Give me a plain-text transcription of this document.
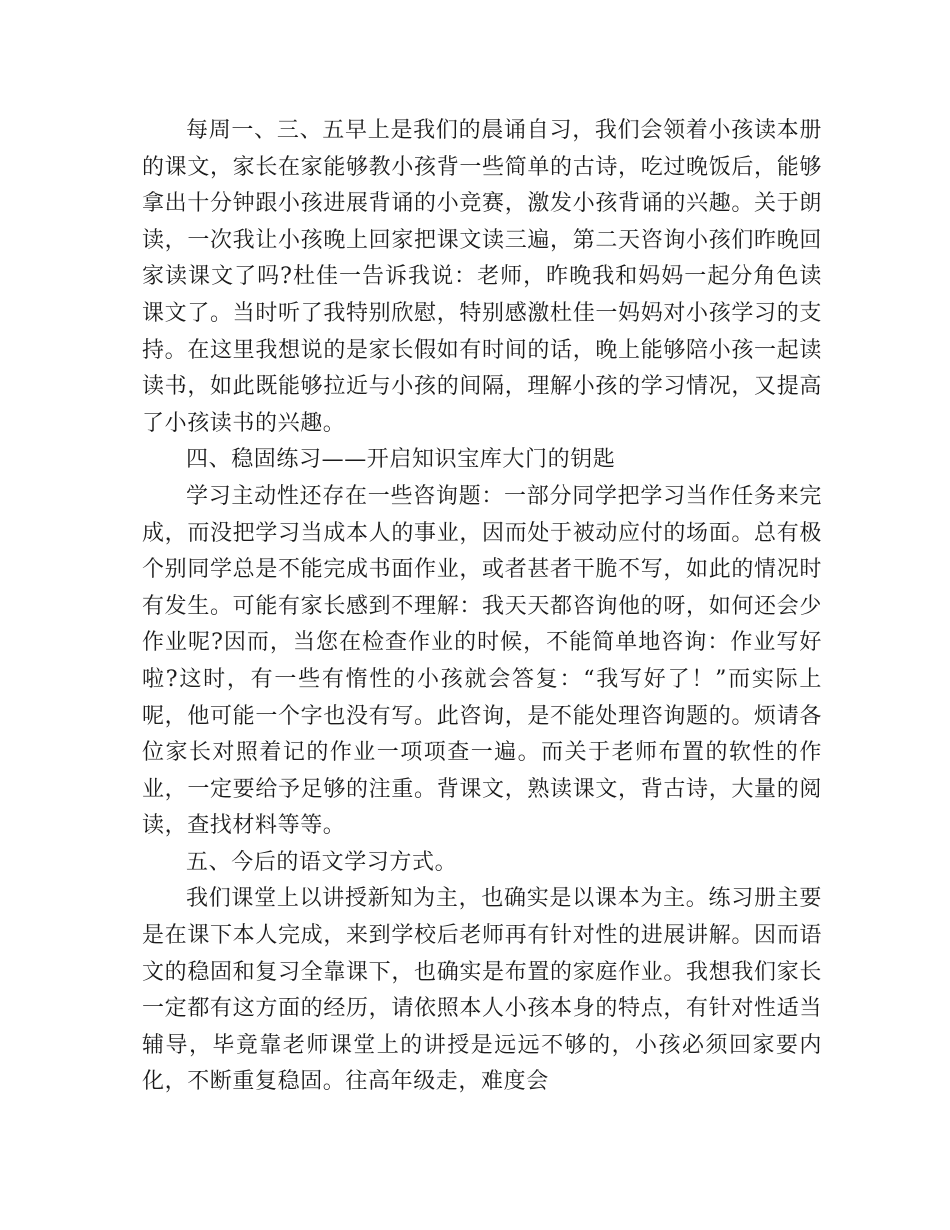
每周一、三、五早上是我们的晨诵自习，我们会领着小孩读本册的课文，家长在家能够教小孩背一些简单的古诗，吃过晚饭后，能够拿出十分钟跟小孩进展背诵的小竞赛，激发小孩背诵的兴趣。关于朗读，一次我让小孩晚上回家把课文读三遍，第二天咨询小孩们昨晚回家读课文了吗?杜佳一告诉我说：老师，昨晚我和妈妈一起分角色读课文了。当时听了我特别欣慰，特别感激杜佳一妈妈对小孩学习的支持。在这里我想说的是家长假如有时间的话，晚上能够陪小孩一起读读书，如此既能够拉近与小孩的间隔，理解小孩的学习情况，又提高了小孩读书的兴趣。

四、稳固练习——开启知识宝库大门的钥匙

学习主动性还存在一些咨询题：一部分同学把学习当作任务来完成，而没把学习当成本人的事业，因而处于被动应付的场面。总有极个别同学总是不能完成书面作业，或者甚者干脆不写，如此的情况时有发生。可能有家长感到不理解：我天天都咨询他的呀，如何还会少作业呢?因而，当您在检查作业的时候，不能简单地咨询：作业写好啦?这时，有一些有惰性的小孩就会答复：“我写好了！”而实际上呢，他可能一个字也没有写。此咨询，是不能处理咨询题的。烦请各位家长对照着记的作业一项项查一遍。而关于老师布置的软性的作业，一定要给予足够的注重。背课文，熟读课文，背古诗，大量的阅读，查找材料等等。

五、今后的语文学习方式。

我们课堂上以讲授新知为主，也确实是以课本为主。练习册主要是在课下本人完成，来到学校后老师再有针对性的进展讲解。因而语文的稳固和复习全靠课下，也确实是布置的家庭作业。我想我们家长一定都有这方面的经历，请依照本人小孩本身的特点，有针对性适当辅导，毕竟靠老师课堂上的讲授是远远不够的，小孩必须回家要内化，不断重复稳固。往高年级走，难度会
